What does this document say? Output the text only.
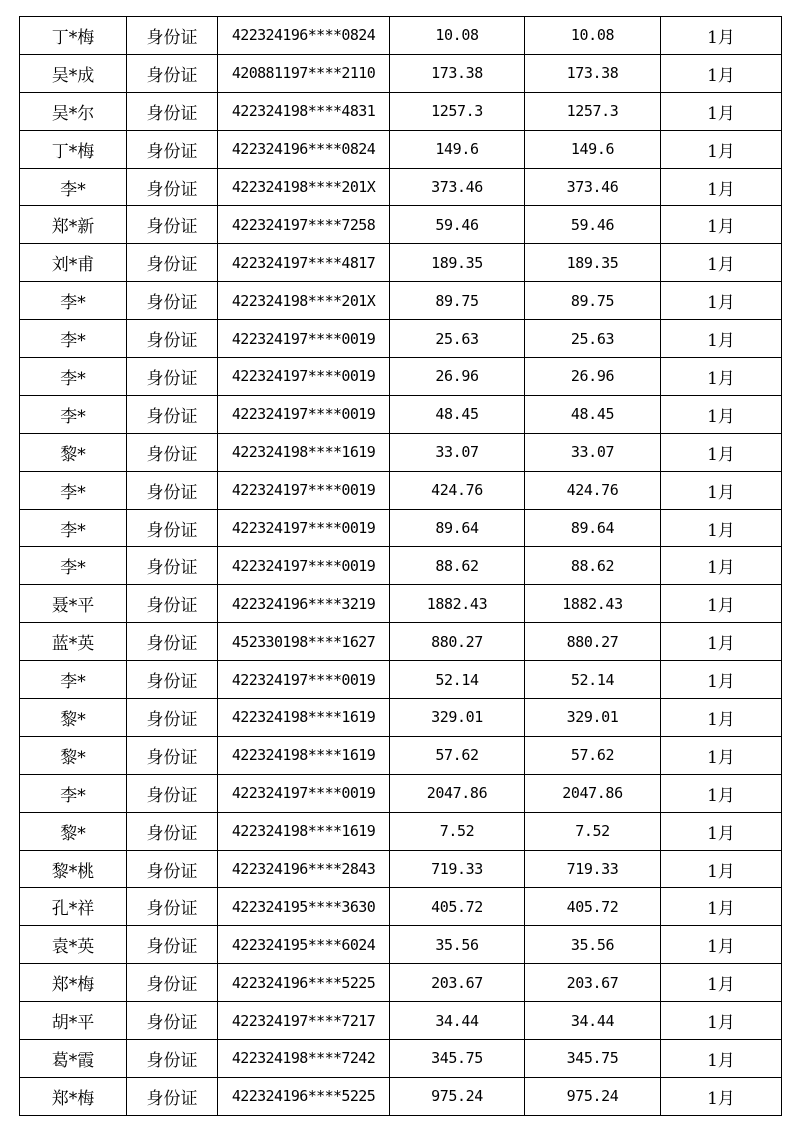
丁*梅	身份证	422324196****0824	10.08	10.08	1月
吴*成	身份证	420881197****2110	173.38	173.38	1月
吴*尔	身份证	422324198****4831	1257.3	1257.3	1月
丁*梅	身份证	422324196****0824	149.6	149.6	1月
李*	身份证	422324198****201X	373.46	373.46	1月
郑*新	身份证	422324197****7258	59.46	59.46	1月
刘*甫	身份证	422324197****4817	189.35	189.35	1月
李*	身份证	422324198****201X	89.75	89.75	1月
李*	身份证	422324197****0019	25.63	25.63	1月
李*	身份证	422324197****0019	26.96	26.96	1月
李*	身份证	422324197****0019	48.45	48.45	1月
黎*	身份证	422324198****1619	33.07	33.07	1月
李*	身份证	422324197****0019	424.76	424.76	1月
李*	身份证	422324197****0019	89.64	89.64	1月
李*	身份证	422324197****0019	88.62	88.62	1月
聂*平	身份证	422324196****3219	1882.43	1882.43	1月
蓝*英	身份证	452330198****1627	880.27	880.27	1月
李*	身份证	422324197****0019	52.14	52.14	1月
黎*	身份证	422324198****1619	329.01	329.01	1月
黎*	身份证	422324198****1619	57.62	57.62	1月
李*	身份证	422324197****0019	2047.86	2047.86	1月
黎*	身份证	422324198****1619	7.52	7.52	1月
黎*桃	身份证	422324196****2843	719.33	719.33	1月
孔*祥	身份证	422324195****3630	405.72	405.72	1月
袁*英	身份证	422324195****6024	35.56	35.56	1月
郑*梅	身份证	422324196****5225	203.67	203.67	1月
胡*平	身份证	422324197****7217	34.44	34.44	1月
葛*霞	身份证	422324198****7242	345.75	345.75	1月
郑*梅	身份证	422324196****5225	975.24	975.24	1月
